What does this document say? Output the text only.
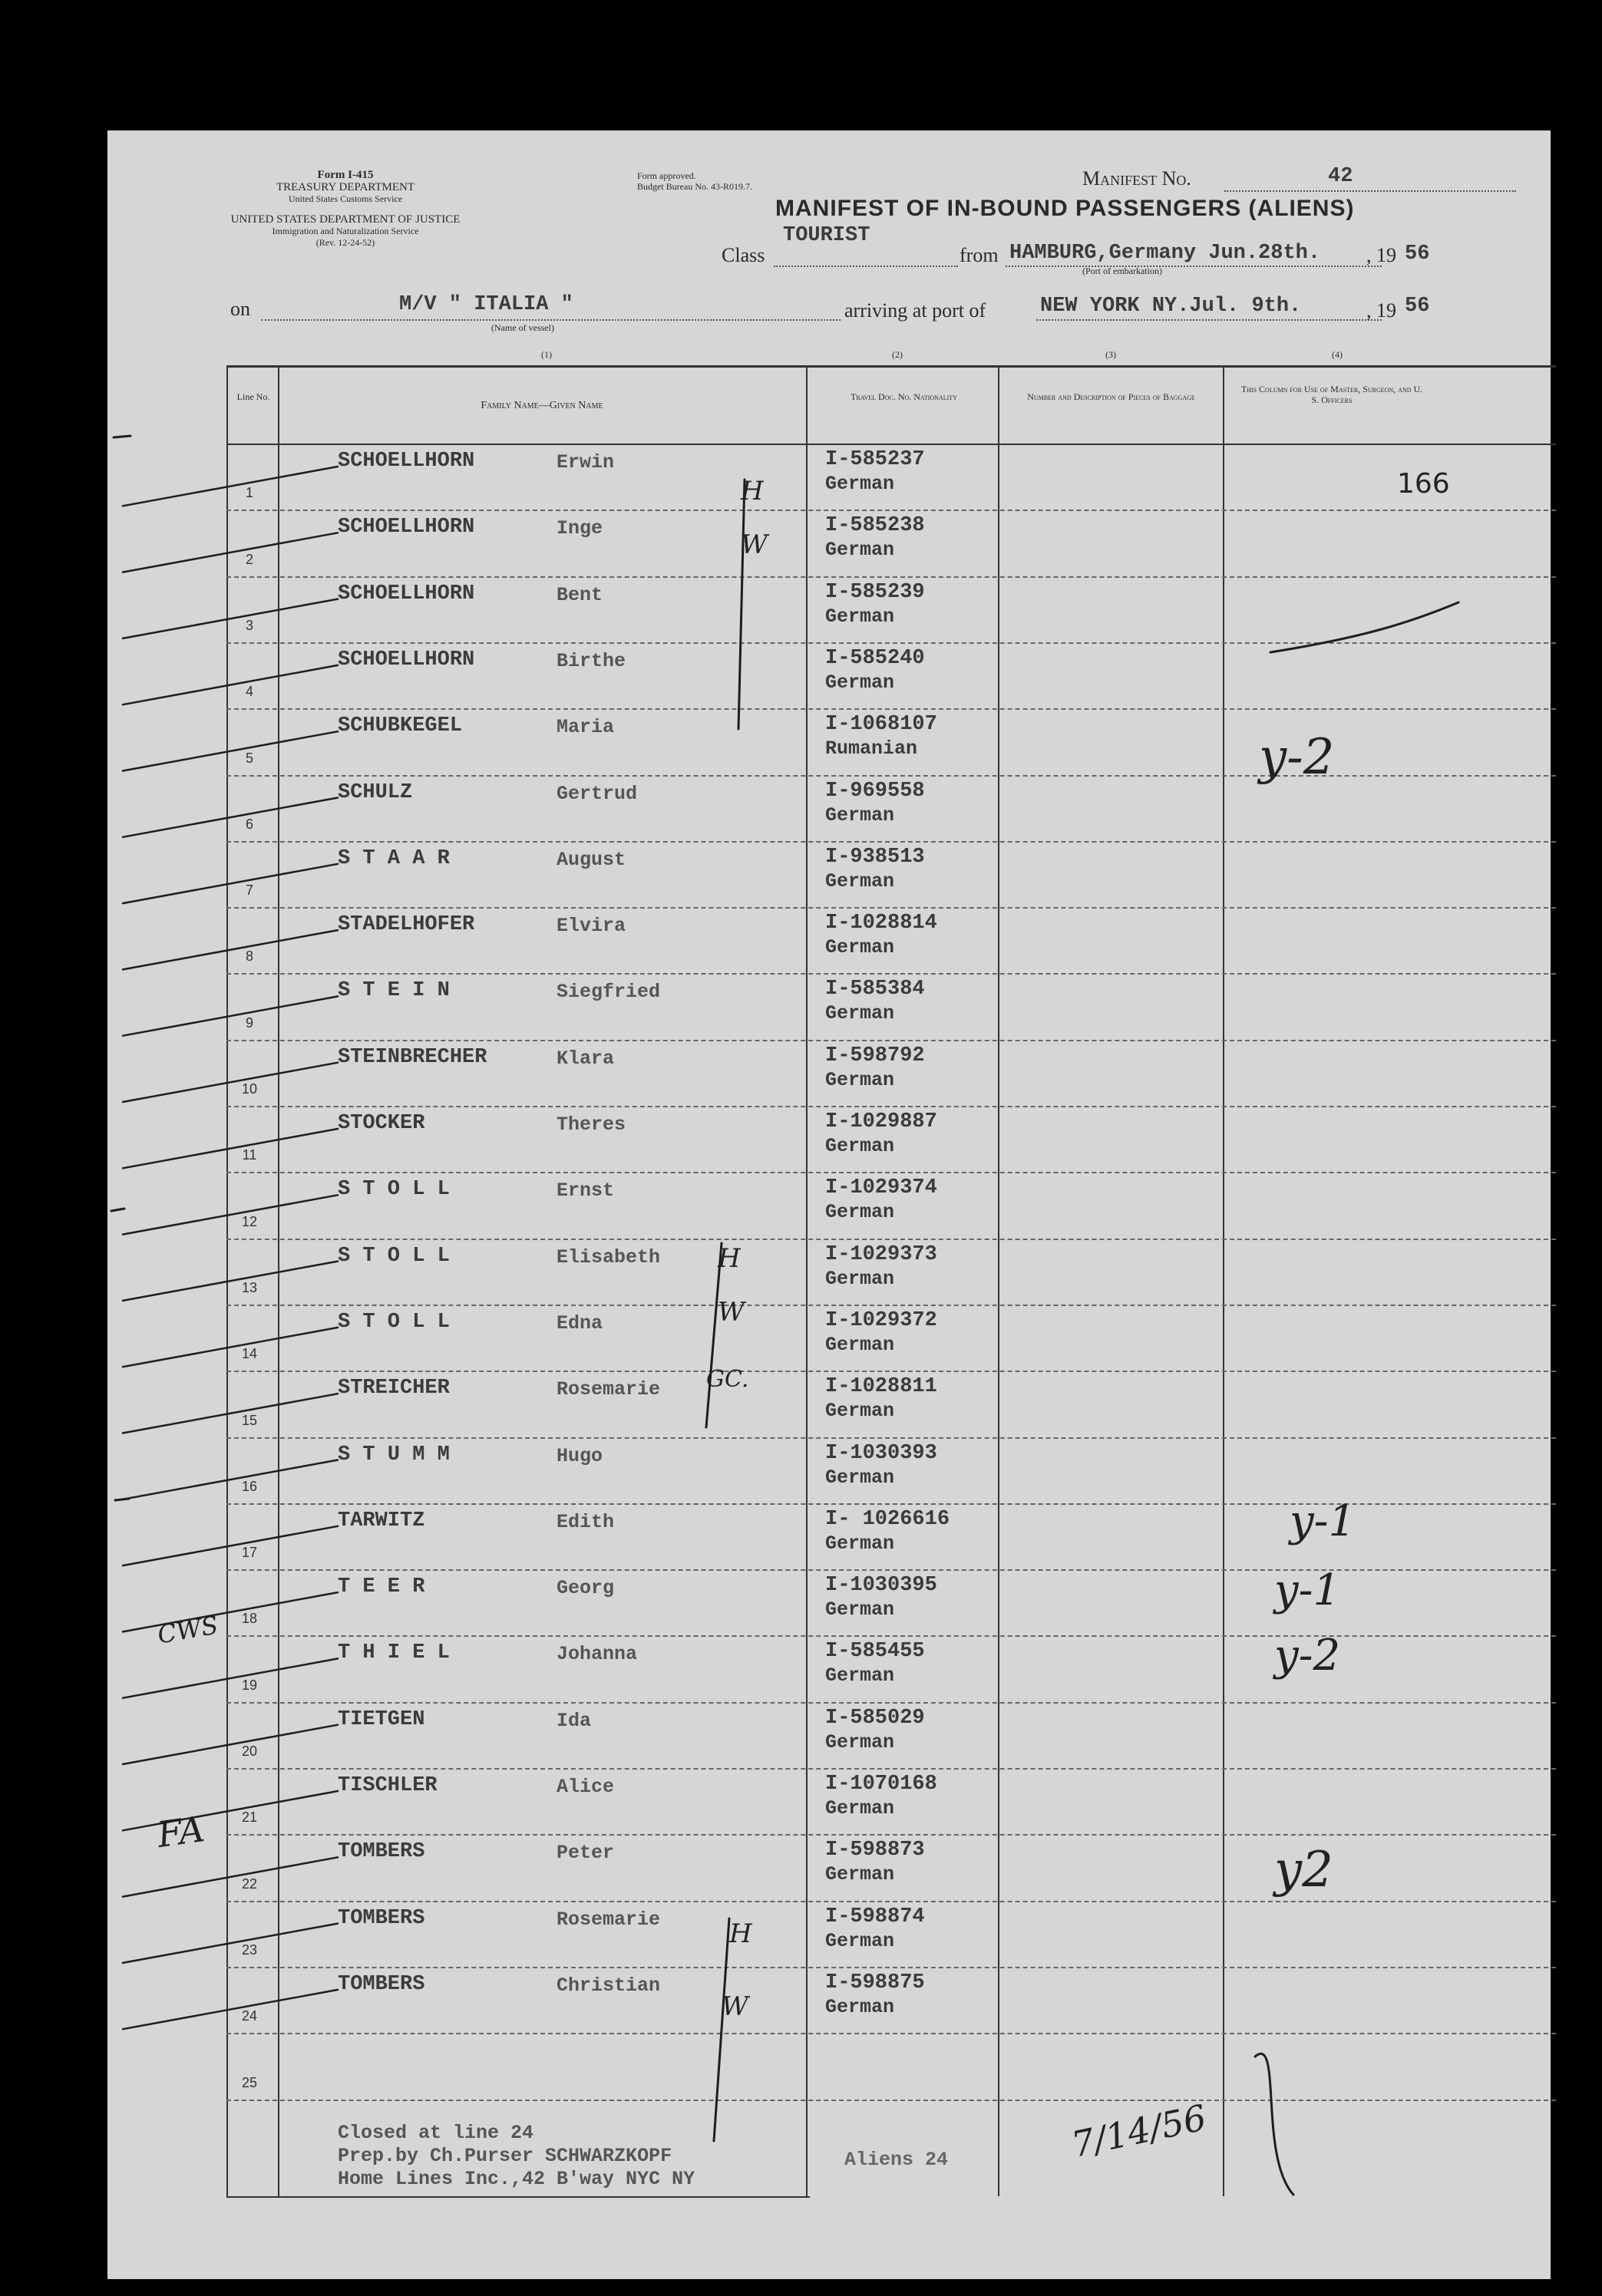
Form I-415
TREASURY DEPARTMENT
United States Customs Service
UNITED STATES DEPARTMENT OF JUSTICE
Immigration and Naturalization Service
(Rev. 12-24-52)
Form approved.
Budget Bureau No. 43-R019.7.	Manifest No.	42
MANIFEST OF IN-BOUND PASSENGERS (ALIENS)
Class
TOURIST
from HAMBURG,Germany Jun.28th. , 19 56
(Port of embarkation)
on	M/V " ITALIA "
(Name of vessel)
arriving at port of	NEW YORK NY.Jul. 9th.	, 19 56
(1)	(2)	(3)	(4)
Line No.
Family Name—Given Name
Travel Doc. No. Nationality	Number and Description of Pieces of Baggage
This Column for Use of Master, Surgeon, and U. S. Officers
1
SCHOELLHORN	Erwin	I-585237
German
2
SCHOELLHORN	Inge	I-585238
German
3
SCHOELLHORN	Bent	I-585239
German
4
SCHOELLHORN	Birthe	I-585240
German
5
SCHUBKEGEL	Maria	I-1068107
Rumanian
6
SCHULZ	Gertrud	I-969558
German
7
S T A A R	August	I-938513
German
8
STADELHOFER	Elvira	I-1028814
German
9
S T E I N	Siegfried	I-585384
German
10
STEINBRECHER	Klara	I-598792
German
11
STOCKER	Theres	I-1029887
German
12
S T O L L	Ernst	I-1029374
German
13
S T O L L	Elisabeth	I-1029373
German
14
S T O L L	Edna	I-1029372
German
15
STREICHER	Rosemarie	I-1028811
German
16
S T U M M	Hugo	I-1030393
German
17
TARWITZ	Edith	I- 1026616
German
18
T E E R	Georg	I-1030395
German
19
T H I E L	Johanna	I-585455
German
20
TIETGEN	Ida	I-585029
German
21
TISCHLER	Alice	I-1070168
German
22
TOMBERS	Peter	I-598873
German
23
TOMBERS	Rosemarie	I-598874
German
24
TOMBERS	Christian	I-598875
German
25
Closed at line 24
Prep.by Ch.Purser SCHWARZKOPF
Home Lines Inc.,42 B'way NYC NY
Aliens 24
166
H
W
H
W
GC.
H
W
y-2
y-1
y-1
y-2
y2
CWS
FA
7/14/56
